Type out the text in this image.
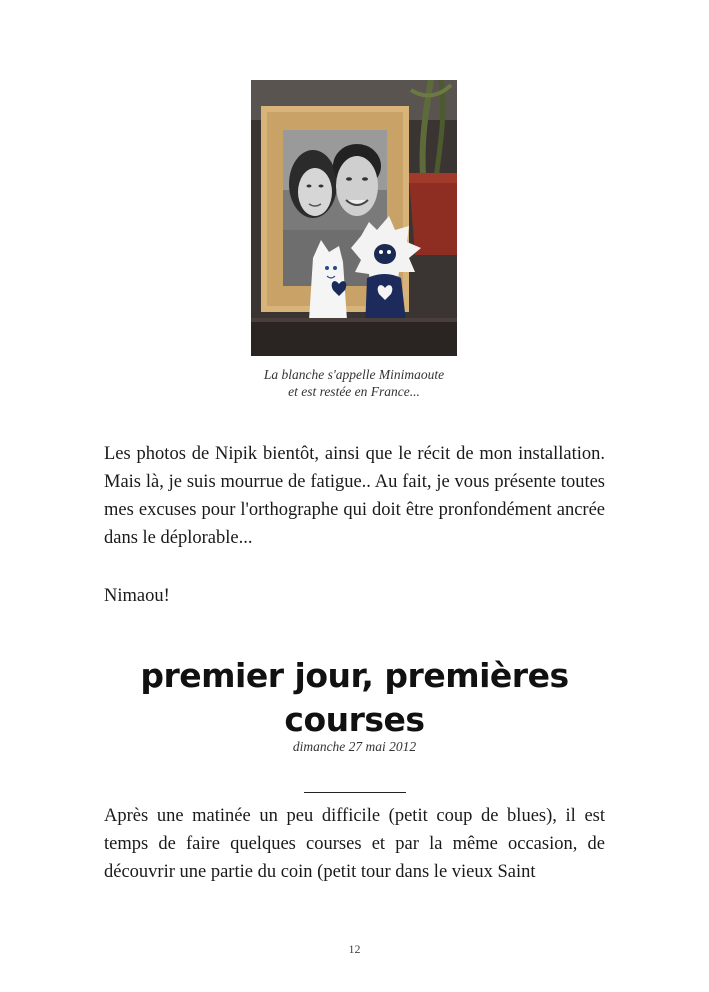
La blanche s'appelle Minimaoute
et est restée en France...

Les photos de Nipik bientôt, ainsi que le récit de mon installation. Mais là, je suis mourrue de fatigue.. Au fait, je vous présente toutes mes excuses pour l'orthographe qui doit être pronfondément ancrée dans le déplorable...

Nimaou!

premier jour, premières courses
dimanche 27 mai 2012

Après une matinée un peu difficile (petit coup de blues), il est temps de faire quelques courses et par la même occasion, de découvrir une partie du coin (petit tour dans le vieux Saint

12
